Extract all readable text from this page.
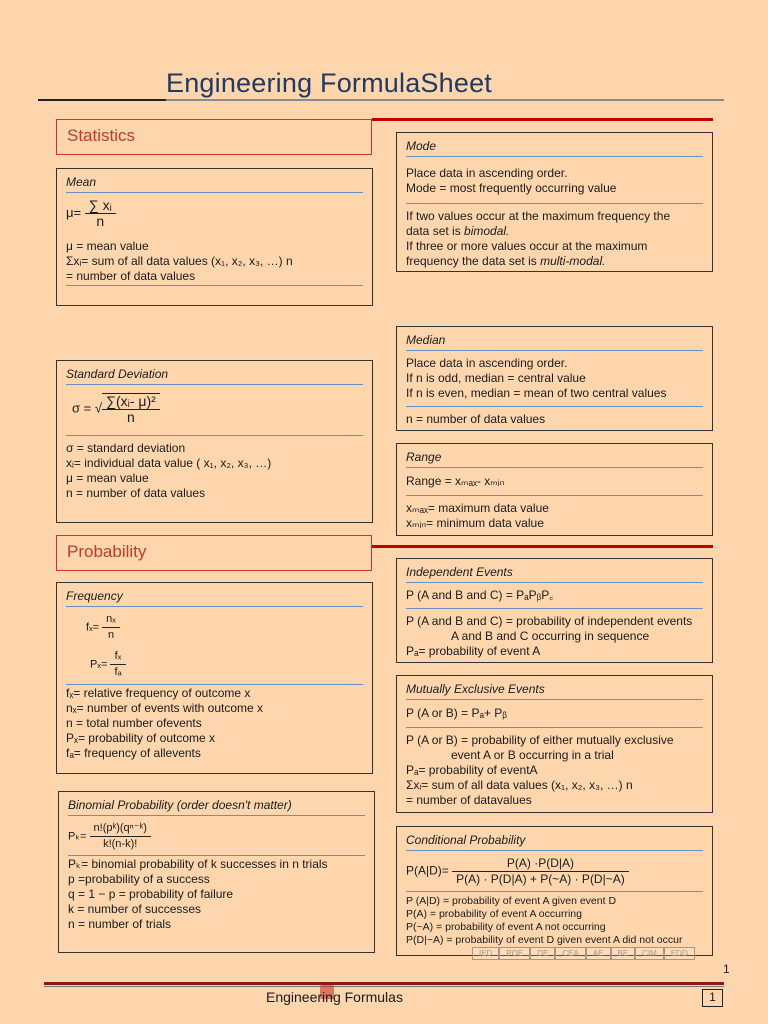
Engineering FormulaSheet
Statistics
Mean
$\mu= \frac{\text{∑ xᵢ}}{n}$
μ = mean value
Σxᵢ= sum of all data values (x₁, x₂, x₃, …) n
= number of data values
Standard Deviation
σ = √ $\frac{\text{∑(xᵢ- μ)²}}{n}$
σ = standard deviation
xᵢ= individual data value ( x₁, x₂, x₃, …)
μ = mean value
n = number of data values
Mode
Place data in ascending order.
Mode = most frequently occurring value
If two values occur at the maximum frequency the
data set is bimodal.
If three or more values occur at the maximum
frequency the data set is multi-modal.
Median
Place data in ascending order.
If n is odd, median = central value
If n is even, median = mean of two central values
n = number of data values
Range
Range = xₘₐₓ- xₘᵢₙ
xₘₐₓ= maximum data value
xₘᵢₙ= minimum data value
Probability
Frequency
$f_x= \frac{\text{nₓ}}{n}$
$P_x= \frac{\text{fₓ}}{\text{fₐ}}$
fₓ= relative frequency of outcome x
nₓ= number of events with outcome x
n = total number ofevents
Pₓ= probability of outcome x
fₐ= frequency of allevents
Binomial Probability (order doesn't matter)
$P_k= \frac{\text{n!(pᵏ)(qⁿ⁻ᵏ)}}{k!(n-k)!}$
Pₖ= binomial probability of k successes in n trials
p =probability of a success
q = 1 − p = probability of failure
k = number of successes
n = number of trials
Independent Events
P (A and B and C) = PₐPᵦP꜀
P (A and B and C) = probability of independent events
A and B and C occurring in sequence
Pₐ= probability of event A
Mutually Exclusive Events
P (A or B) = Pₐ+ Pᵦ
P (A or B) = probability of either mutually exclusive
event A or B occurring in a trial
Pₐ= probability of eventA
Σxᵢ= sum of all data values (x₁, x₂, x₃, …) n
= number of datavalues
Conditional Probability
$P(A|D)= \frac{P(A) \cdot P(D|A)}{P(A) \cdot P(D|A) + P(\sim A) \cdot P(D|\sim A)}$
P (A|D) = probability of event A given event D
P(A) = probability of event A occurring
P(~A) = probability of event A not occurring
P(D|~A) = probability of event D given event A did not occur
IED	POE	DE	CEA	AE	BE	CIM	EDD
1
Engineering Formulas	1
